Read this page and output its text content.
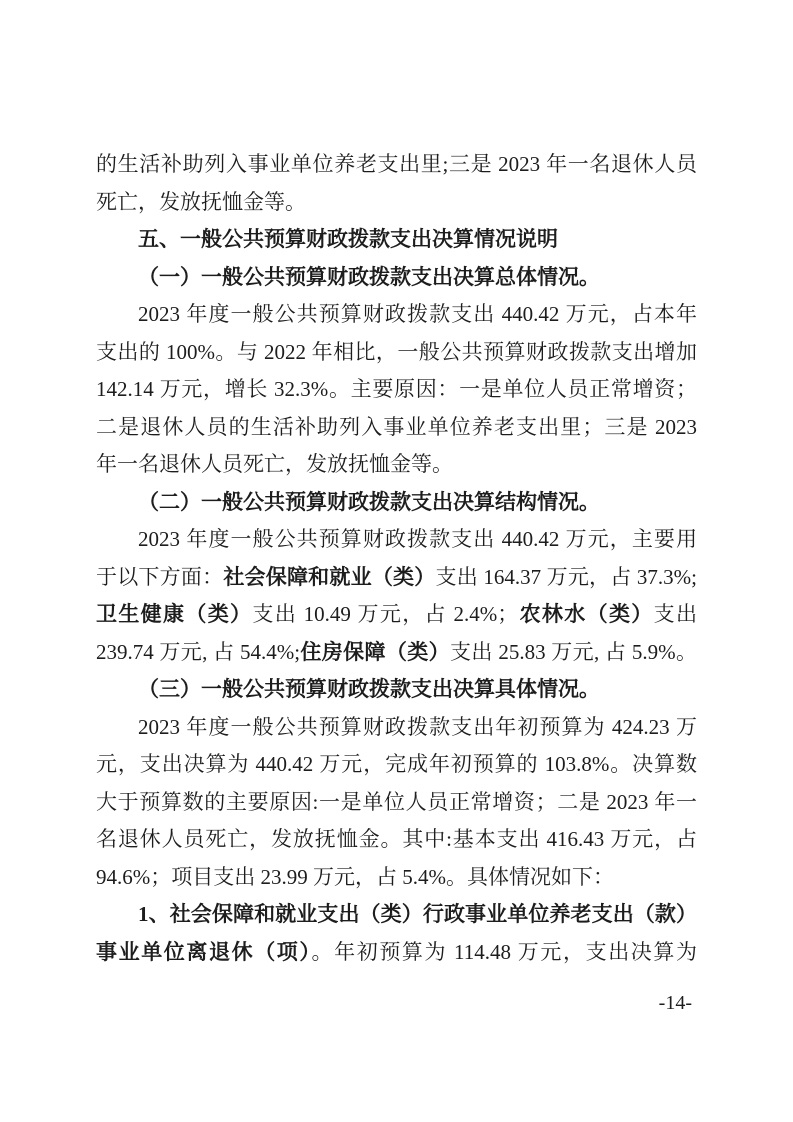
的生活补助列入事业单位养老支出里;三是 2023 年一名退休人员
死亡，发放抚恤金等。
五、一般公共预算财政拨款支出决算情况说明
（一）一般公共预算财政拨款支出决算总体情况。
2023 年度一般公共预算财政拨款支出 440.42 万元，占本年
支出的 100%。与 2022 年相比，一般公共预算财政拨款支出增加
142.14 万元，增长 32.3%。主要原因：一是单位人员正常增资；
二是退休人员的生活补助列入事业单位养老支出里；三是 2023
年一名退休人员死亡，发放抚恤金等。
（二）一般公共预算财政拨款支出决算结构情况。
2023 年度一般公共预算财政拨款支出 440.42 万元，主要用
于以下方面：社会保障和就业（类）支出 164.37 万元，占 37.3%;
卫生健康（类）支出 10.49 万元，占 2.4%；农林水（类）支出
239.74 万元, 占 54.4%;住房保障（类）支出 25.83 万元, 占 5.9%。
（三）一般公共预算财政拨款支出决算具体情况。
2023 年度一般公共预算财政拨款支出年初预算为 424.23 万
元，支出决算为 440.42 万元，完成年初预算的 103.8%。决算数
大于预算数的主要原因:一是单位人员正常增资；二是 2023 年一
名退休人员死亡，发放抚恤金。其中:基本支出 416.43 万元，占
94.6%；项目支出 23.99 万元，占 5.4%。具体情况如下：
1、社会保障和就业支出（类）行政事业单位养老支出（款）
事业单位离退休（项）。年初预算为 114.48 万元，支出决算为
-14-
